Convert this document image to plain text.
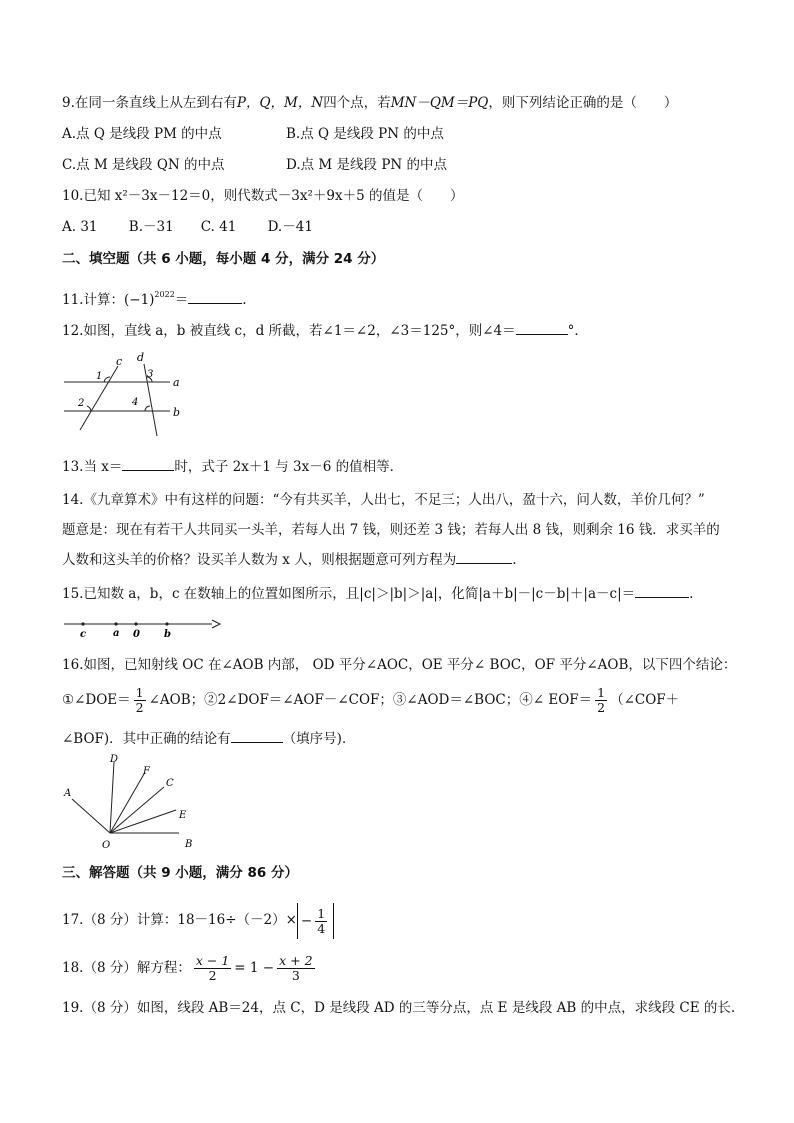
9.在同一条直线上从左到右有P，Q，M，N四个点，若MN－QM＝PQ，则下列结论正确的是（　　）
A.点 Q 是线段 PM 的中点	B.点 Q 是线段 PN 的中点
C.点 M 是线段 QN 的中点	D.点 M 是线段 PN 的中点
10.已知 x²－3x－12＝0，则代数式－3x²＋9x＋5 的值是（　　）
A. 31　　 B.－31　　C. 41　　 D.－41
二、填空题（共 6 小题，每小题 4 分，满分 24 分）
11.计算：$(-1)^{2022}=$	.
12.如图，直线 a，b 被直线 c，d 所截，若∠1＝∠2，∠3＝125°，则∠4＝	°．
c d
a
b
1
2
3
4
13.当 x＝	时，式子 2x＋1 与 3x－6 的值相等．
14.《九章算术》中有这样的问题：“今有共买羊，人出七，不足三；人出八，盈十六，问人数，羊价几何？”
题意是：现在有若干人共同买一头羊，若每人出 7 钱，则还差 3 钱；若每人出 8 钱，则剩余 16 钱．求买羊的
人数和这头羊的价格？设买羊人数为 x 人，则根据题意可列方程为	.
15.已知数 a，b，c 在数轴上的位置如图所示，且|c|＞|b|＞|a|，化简|a＋b|－|c－b|＋|a－c|＝	.
c	a 0 b
16.如图，已知射线 OC 在∠AOB 内部， OD 平分∠AOC，OE 平分∠ BOC，OF 平分∠AOB，以下四个结论：
①∠DOE＝ $\frac{1}{2}$ ∠AOB；②2∠DOF＝∠AOF－∠COF；③∠AOD＝∠BOC；④∠ $EOF= \frac{1}{2}$ （∠COF＋
∠BOF)．其中正确的结论有	（填序号)．
D
F
C
A
E
O	B
三、解答题（共 9 小题，满分 86 分）
17.（8 分）计算：$18-16\div(-2)\times - \frac{1}{4}$
18.（8 分）解方程： $\frac{x - 1}{2} = 1 - \frac{x + 2}{3}$
19.（8 分）如图，线段 AB＝24，点 C，D 是线段 AD 的三等分点，点 E 是线段 AB 的中点，求线段 CE 的长.
